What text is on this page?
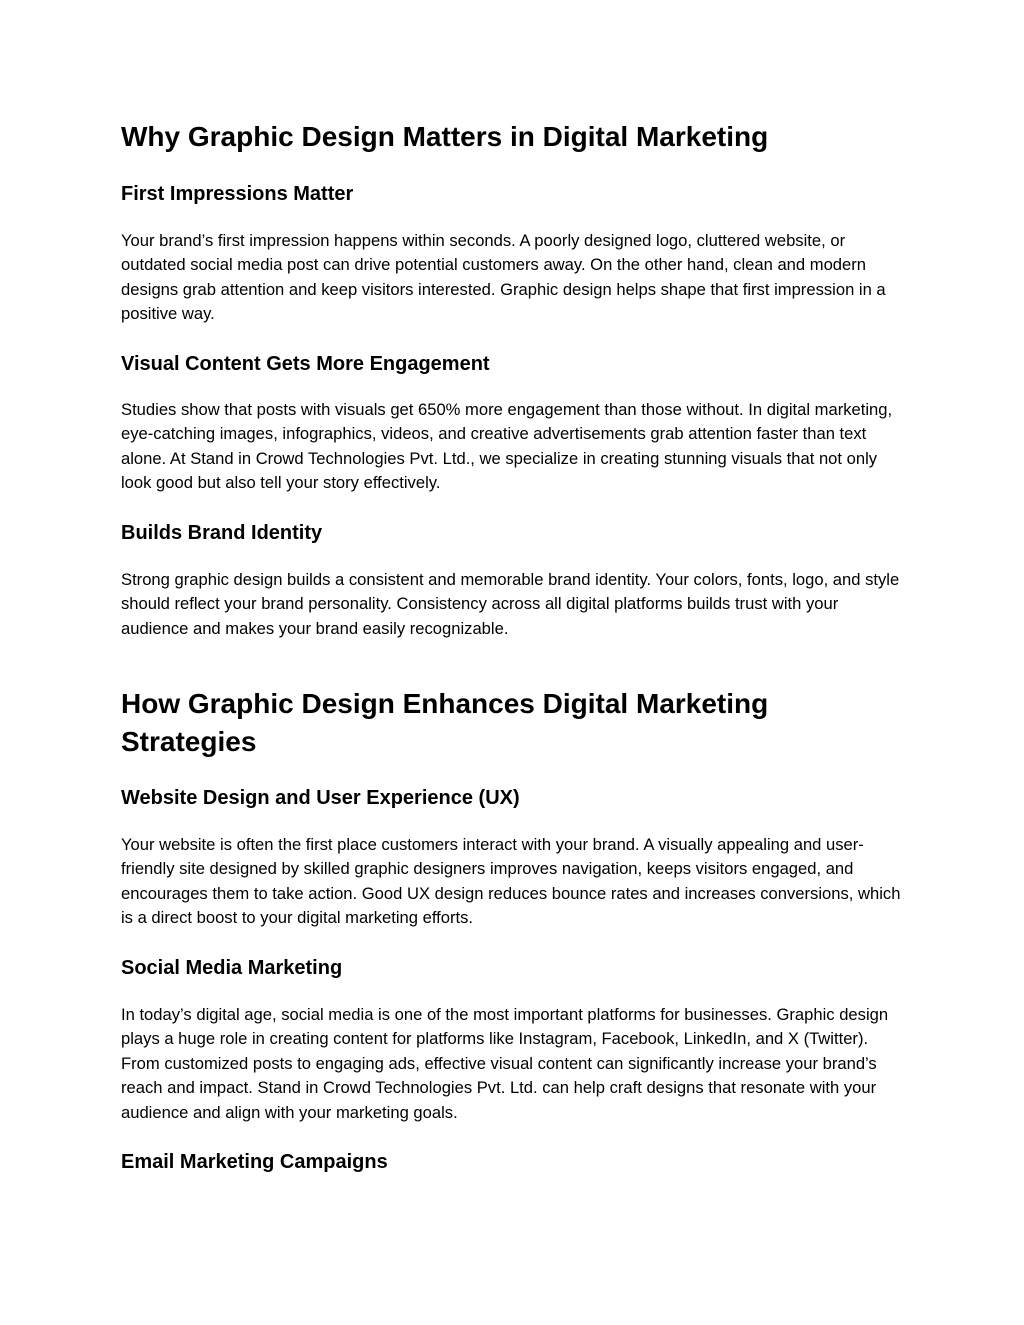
Why Graphic Design Matters in Digital Marketing
First Impressions Matter

Your brand’s first impression happens within seconds. A poorly designed logo, cluttered website, or outdated social media post can drive potential customers away. On the other hand, clean and modern designs grab attention and keep visitors interested. Graphic design helps shape that first impression in a positive way.

Visual Content Gets More Engagement

Studies show that posts with visuals get 650% more engagement than those without. In digital marketing, eye-catching images, infographics, videos, and creative advertisements grab attention faster than text alone. At Stand in Crowd Technologies Pvt. Ltd., we specialize in creating stunning visuals that not only look good but also tell your story effectively.

Builds Brand Identity

Strong graphic design builds a consistent and memorable brand identity. Your colors, fonts, logo, and style should reflect your brand personality. Consistency across all digital platforms builds trust with your audience and makes your brand easily recognizable.

How Graphic Design Enhances Digital Marketing Strategies
Website Design and User Experience (UX)

Your website is often the first place customers interact with your brand. A visually appealing and user-friendly site designed by skilled graphic designers improves navigation, keeps visitors engaged, and encourages them to take action. Good UX design reduces bounce rates and increases conversions, which is a direct boost to your digital marketing efforts.

Social Media Marketing

In today’s digital age, social media is one of the most important platforms for businesses. Graphic design plays a huge role in creating content for platforms like Instagram, Facebook, LinkedIn, and X (Twitter). From customized posts to engaging ads, effective visual content can significantly increase your brand’s reach and impact. Stand in Crowd Technologies Pvt. Ltd. can help craft designs that resonate with your audience and align with your marketing goals.

Email Marketing Campaigns
